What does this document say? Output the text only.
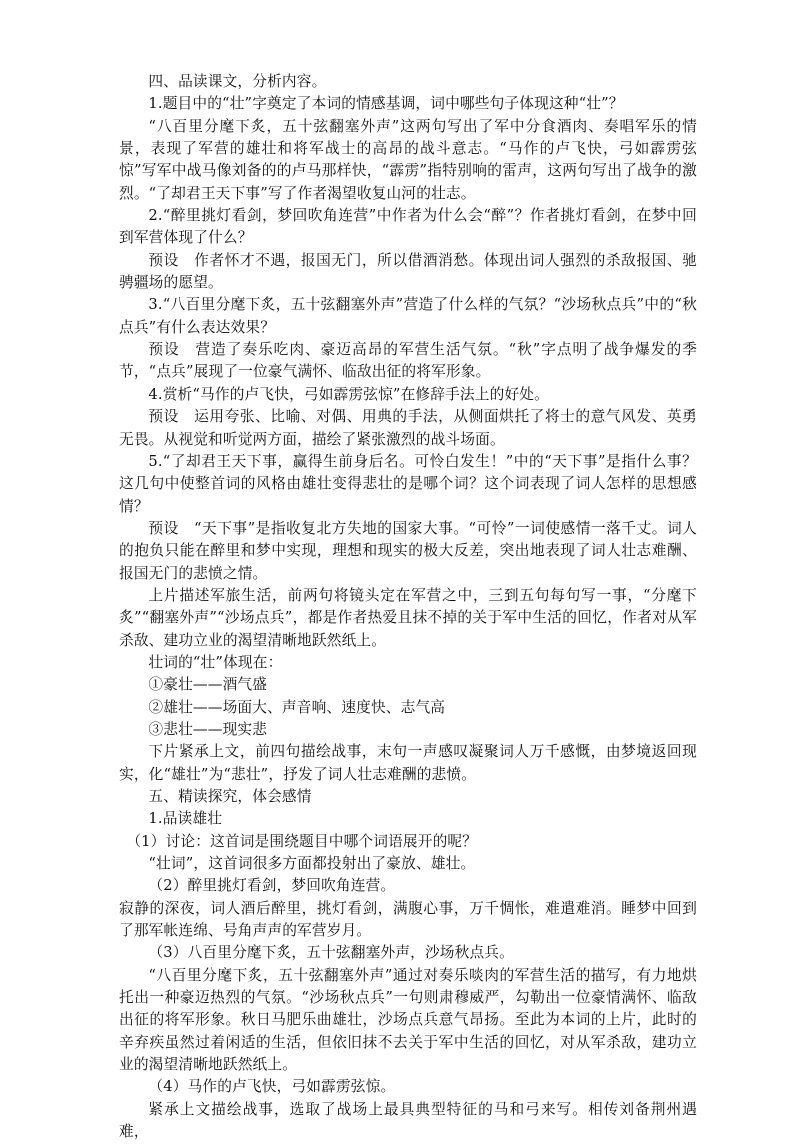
四、品读课文，分析内容。

1.题目中的“壮”字奠定了本词的情感基调，词中哪些句子体现这种“壮”？

“八百里分麾下炙，五十弦翻塞外声”这两句写出了军中分食酒肉、奏唱军乐的情景，表现了军营的雄壮和将军战士的高昂的战斗意志。“马作的卢飞快，弓如霹雳弦惊”写军中战马像刘备的的卢马那样快，“霹雳”指特别响的雷声，这两句写出了战争的激烈。“了却君王天下事”写了作者渴望收复山河的壮志。

2.“醉里挑灯看剑，梦回吹角连营”中作者为什么会“醉”？作者挑灯看剑，在梦中回到军营体现了什么？

预设　作者怀才不遇，报国无门，所以借酒消愁。体现出词人强烈的杀敌报国、驰骋疆场的愿望。

3.“八百里分麾下炙，五十弦翻塞外声”营造了什么样的气氛？“沙场秋点兵”中的“秋点兵”有什么表达效果？

预设　营造了奏乐吃肉、豪迈高昂的军营生活气氛。“秋”字点明了战争爆发的季节，“点兵”展现了一位豪气满怀、临敌出征的将军形象。

4.赏析“马作的卢飞快，弓如霹雳弦惊”在修辞手法上的好处。

预设　运用夸张、比喻、对偶、用典的手法，从侧面烘托了将士的意气风发、英勇无畏。从视觉和听觉两方面，描绘了紧张激烈的战斗场面。

5.“了却君王天下事，赢得生前身后名。可怜白发生！”中的“天下事”是指什么事？这几句中使整首词的风格由雄壮变得悲壮的是哪个词？这个词表现了词人怎样的思想感情？

预设　“天下事”是指收复北方失地的国家大事。“可怜”一词使感情一落千丈。词人的抱负只能在醉里和梦中实现，理想和现实的极大反差，突出地表现了词人壮志难酬、报国无门的悲愤之情。

上片描述军旅生活，前两句将镜头定在军营之中，三到五句每句写一事，“分麾下炙”“翻塞外声”“沙场点兵”，都是作者热爱且抹不掉的关于军中生活的回忆，作者对从军杀敌、建功立业的渴望清晰地跃然纸上。

壮词的“壮”体现在：

①豪壮——酒气盛

②雄壮——场面大、声音响、速度快、志气高

③悲壮——现实悲

下片紧承上文，前四句描绘战事，末句一声感叹凝聚词人万千感慨，由梦境返回现实，化“雄壮”为“悲壮”，抒发了词人壮志难酬的悲愤。

五、精读探究，体会感情

1.品读雄壮

（1）讨论：这首词是围绕题目中哪个词语展开的呢？

“壮词”，这首词很多方面都投射出了豪放、雄壮。

（2）醉里挑灯看剑，梦回吹角连营。

寂静的深夜，词人酒后醉里，挑灯看剑，满腹心事，万千惆怅，难遣难消。睡梦中回到了那军帐连绵、号角声声的军营岁月。

（3）八百里分麾下炙，五十弦翻塞外声，沙场秋点兵。

“八百里分麾下炙，五十弦翻塞外声”通过对奏乐啖肉的军营生活的描写，有力地烘托出一种豪迈热烈的气氛。“沙场秋点兵”一句则肃穆威严，勾勒出一位豪情满怀、临敌出征的将军形象。秋日马肥乐曲雄壮，沙场点兵意气昂扬。至此为本词的上片，此时的辛弃疾虽然过着闲适的生活，但依旧抹不去关于军中生活的回忆，对从军杀敌，建功立业的渴望清晰地跃然纸上。

（4）马作的卢飞快，弓如霹雳弦惊。

紧承上文描绘战事，选取了战场上最具典型特征的马和弓来写。相传刘备荆州遇难，
